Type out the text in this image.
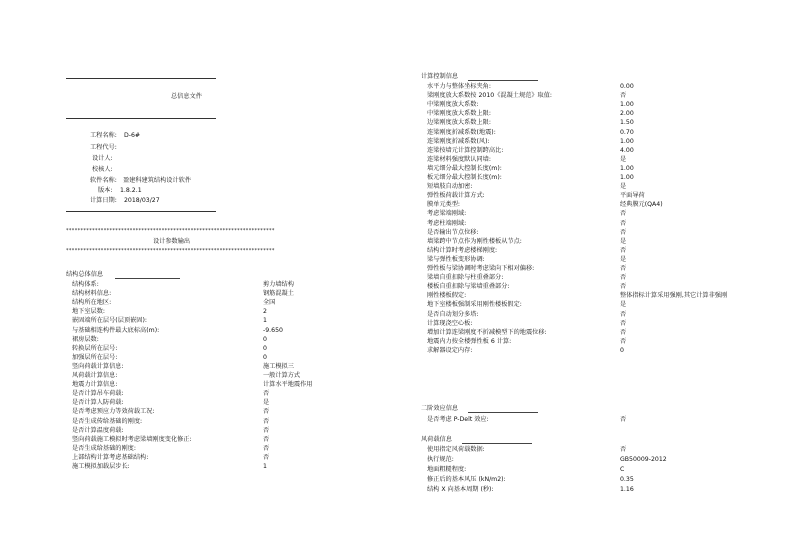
总信息文件
工程名称: D-6#
工程代号:
设计人:
校核人:
软件名称: 盈建科建筑结构设计软件
版本: 1.8.2.1
计算日期: 2018/03/27
************************************************************************
设计参数输出
************************************************************************
结构总体信息
结构体系:	剪力墙结构
结构材料信息:	钢筋混凝土
结构所在地区:	全国
地下室层数:	2
嵌固端所在层号(层顶嵌固):	1
与基础相连构件最大底标高(m):	-9.650
裙房层数:	0
转换层所在层号:	0
加强层所在层号:	0
竖向荷载计算信息:	施工模拟三
风荷载计算信息:	一般计算方式
地震力计算信息:	计算水平地震作用
是否计算吊车荷载:	否
是否计算人防荷载:	是
是否考虑预应力等效荷载工况:	否
是否生成传给基础的刚度:	否
是否计算温度荷载:	否
竖向荷载施工模拟时考虑梁墙刚度变化修正:	否
是否生成给基础的刚度:	否
上部结构计算考虑基础结构:	否
施工模拟加载层步长:	1
计算控制信息
水平力与整体坐标夹角:	0.00
梁刚度放大系数按 2010《混凝土规范》取值:	否
中梁刚度放大系数:	1.00
中梁刚度放大系数上限:	2.00
边梁刚度放大系数上限:	1.50
连梁刚度折减系数(地震):	0.70
连梁刚度折减系数(风):	1.00
连梁按墙元计算控制跨高比:	4.00
连梁材料强度默认同墙:	是
墙元细分最大控制长度(m):	1.00
板元细分最大控制长度(m):	1.00
短墙肢自动加密:	是
弹性板荷载计算方式:	平面导荷
膜单元类型:	经典膜元(QA4)
考虑梁端刚域:	否
考虑柱端刚域:	否
是否输出节点位移:	否
墙梁跨中节点作为刚性楼板从节点:	是
结构计算时考虑楼梯刚度:	否
梁与弹性板变形协调:	是
弹性板与梁协调时考虑梁向下相对偏移:	否
梁墙自重扣除与柱重叠部分:	否
楼板自重扣除与梁墙重叠部分:	否
刚性楼板假定:	整体指标计算采用强刚,其它计算非强刚
地下室楼板强制采用刚性楼板假定:	是
是否自动划分多塔:	否
计算现浇空心板:	否
增加计算连梁刚度不折减模型下的地震位移:	否
地震内力按全楼弹性板 6 计算:	否
求解器设定内存:	0
二阶效应信息
是否考虑 P-Delt 效应:	否
风荷载信息
使用指定风荷载数据:	否
执行规范:	GB50009-2012
地面粗糙程度:	C
修正后的基本风压 (kN/m2):	0.35
结构 X 向基本周期 (秒):	1.16
